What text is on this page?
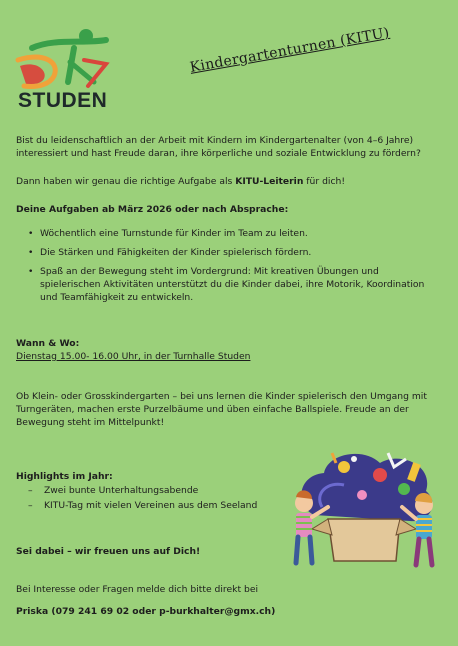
STUDEN
Kindergartenturnen (KITU)

Bist du leidenschaftlich an der Arbeit mit Kindern im Kindergartenalter (von 4–6 Jahre) interessiert und hast Freude daran, ihre körperliche und soziale Entwicklung zu fördern?

Dann haben wir genau die richtige Aufgabe als KITU-Leiterin für dich!
Deine Aufgaben ab März 2026 oder nach Absprache:
• Wöchentlich eine Turnstunde für Kinder im Team zu leiten.
• Die Stärken und Fähigkeiten der Kinder spielerisch fördern.
• Spaß an der Bewegung steht im Vordergrund: Mit kreativen Übungen und spielerischen Aktivitäten unterstützt du die Kinder dabei, ihre Motorik, Koordination und Teamfähigkeit zu entwickeln.
Wann & Wo:
Dienstag 15.00- 16.00 Uhr, in der Turnhalle Studen
Ob Klein- oder Grosskindergarten – bei uns lernen die Kinder spielerisch den Umgang mit Turngeräten, machen erste Purzelbäume und üben einfache Ballspiele. Freude an der Bewegung steht im Mittelpunkt!
Highlights im Jahr:
– Zwei bunte Unterhaltungsabende
– KITU-Tag mit vielen Vereinen aus dem Seeland
Sei dabei – wir freuen uns auf Dich!
Bei Interesse oder Fragen melde dich bitte direkt bei
Priska (079 241 69 02 oder p-burkhalter@gmx.ch)
